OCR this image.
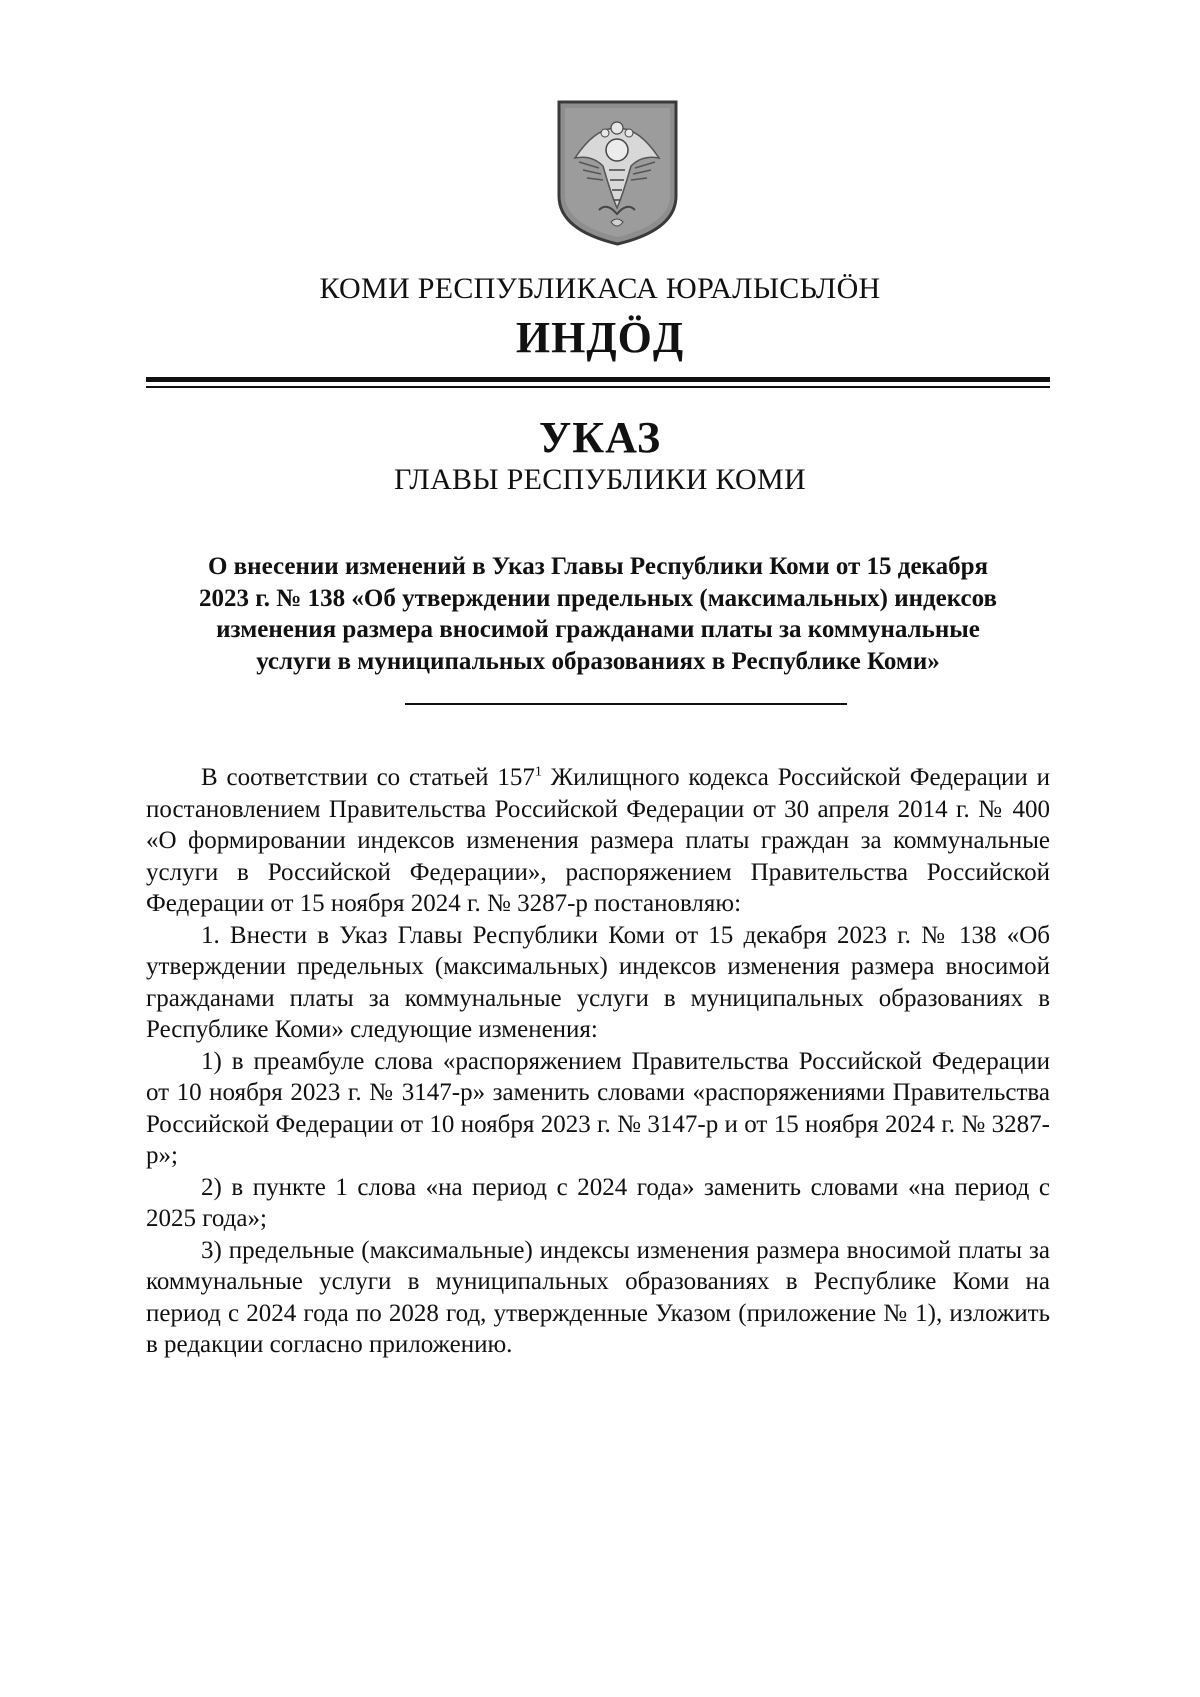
КОМИ РЕСПУБЛИКАСА ЮРАЛЫСЬЛӦН
ИНДӦД
УКАЗ
ГЛАВЫ РЕСПУБЛИКИ КОМИ
О внесении изменений в Указ Главы Республики Коми от 15 декабря
2023 г. № 138 «Об утверждении предельных (максимальных) индексов
изменения размера вносимой гражданами платы за коммунальные
услуги в муниципальных образованиях в Республике Коми»

В соответствии со статьей $157^1$ Жилищного кодекса Российской Федерации и постановлением Правительства Российской Федерации от 30 апреля 2014 г. № 400 «О формировании индексов изменения размера платы граждан за коммунальные услуги в Российской Федерации», распоряжением Правительства Российской Федерации от 15 ноября 2024 г. № 3287-р постановляю:

1. Внести в Указ Главы Республики Коми от 15 декабря 2023 г. № 138 «Об утверждении предельных (максимальных) индексов изменения размера вносимой гражданами платы за коммунальные услуги в муниципальных образованиях в Республике Коми» следующие изменения:

1) в преамбуле слова «распоряжением Правительства Российской Федерации от 10 ноября 2023 г. № 3147-р» заменить словами «распоряжениями Правительства Российской Федерации от 10 ноября 2023 г. № 3147-р и от 15 ноября 2024 г. № 3287-р»;

2) в пункте 1 слова «на период с 2024 года» заменить словами «на период с 2025 года»;

3) предельные (максимальные) индексы изменения размера вносимой платы за коммунальные услуги в муниципальных образованиях в Республике Коми на период с 2024 года по 2028 год, утвержденные Указом (приложение № 1), изложить в редакции согласно приложению.
